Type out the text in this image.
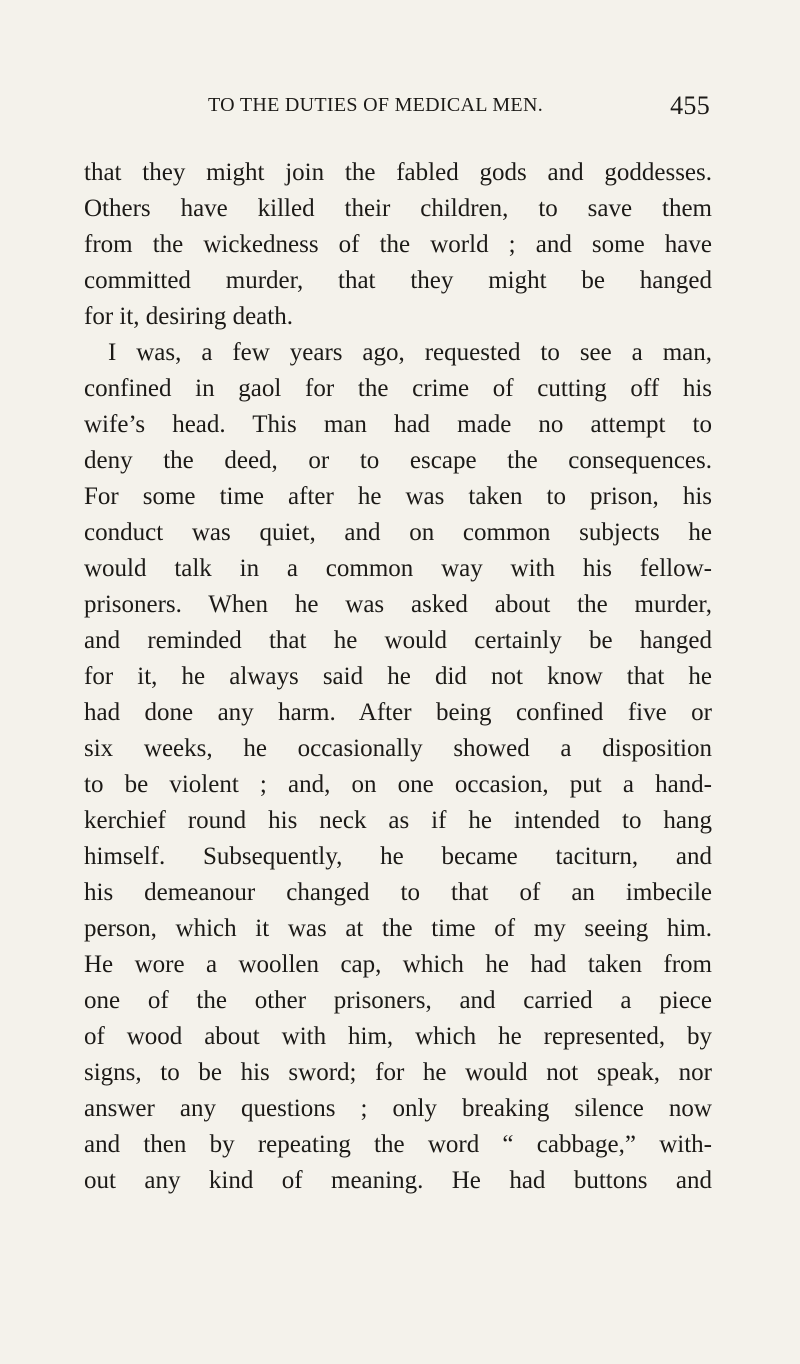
TO THE DUTIES OF MEDICAL MEN.	455
that they might join the fabled gods and goddesses.
Others have killed their children, to save them
from the wickedness of the world ; and some have
committed murder, that they might be hanged
for it, desiring death.
I was, a few years ago, requested to see a man,
confined in gaol for the crime of cutting off his
wife’s head. This man had made no attempt to
deny the deed, or to escape the consequences.
For some time after he was taken to prison, his
conduct was quiet, and on common subjects he
would talk in a common way with his fellow-
prisoners. When he was asked about the murder,
and reminded that he would certainly be hanged
for it, he always said he did not know that he
had done any harm. After being confined five or
six weeks, he occasionally showed a disposition
to be violent ; and, on one occasion, put a hand-
kerchief round his neck as if he intended to hang
himself. Subsequently, he became taciturn, and
his demeanour changed to that of an imbecile
person, which it was at the time of my seeing him.
He wore a woollen cap, which he had taken from
one of the other prisoners, and carried a piece
of wood about with him, which he represented, by
signs, to be his sword; for he would not speak, nor
answer any questions ; only breaking silence now
and then by repeating the word “ cabbage,” with-
out any kind of meaning. He had buttons and
